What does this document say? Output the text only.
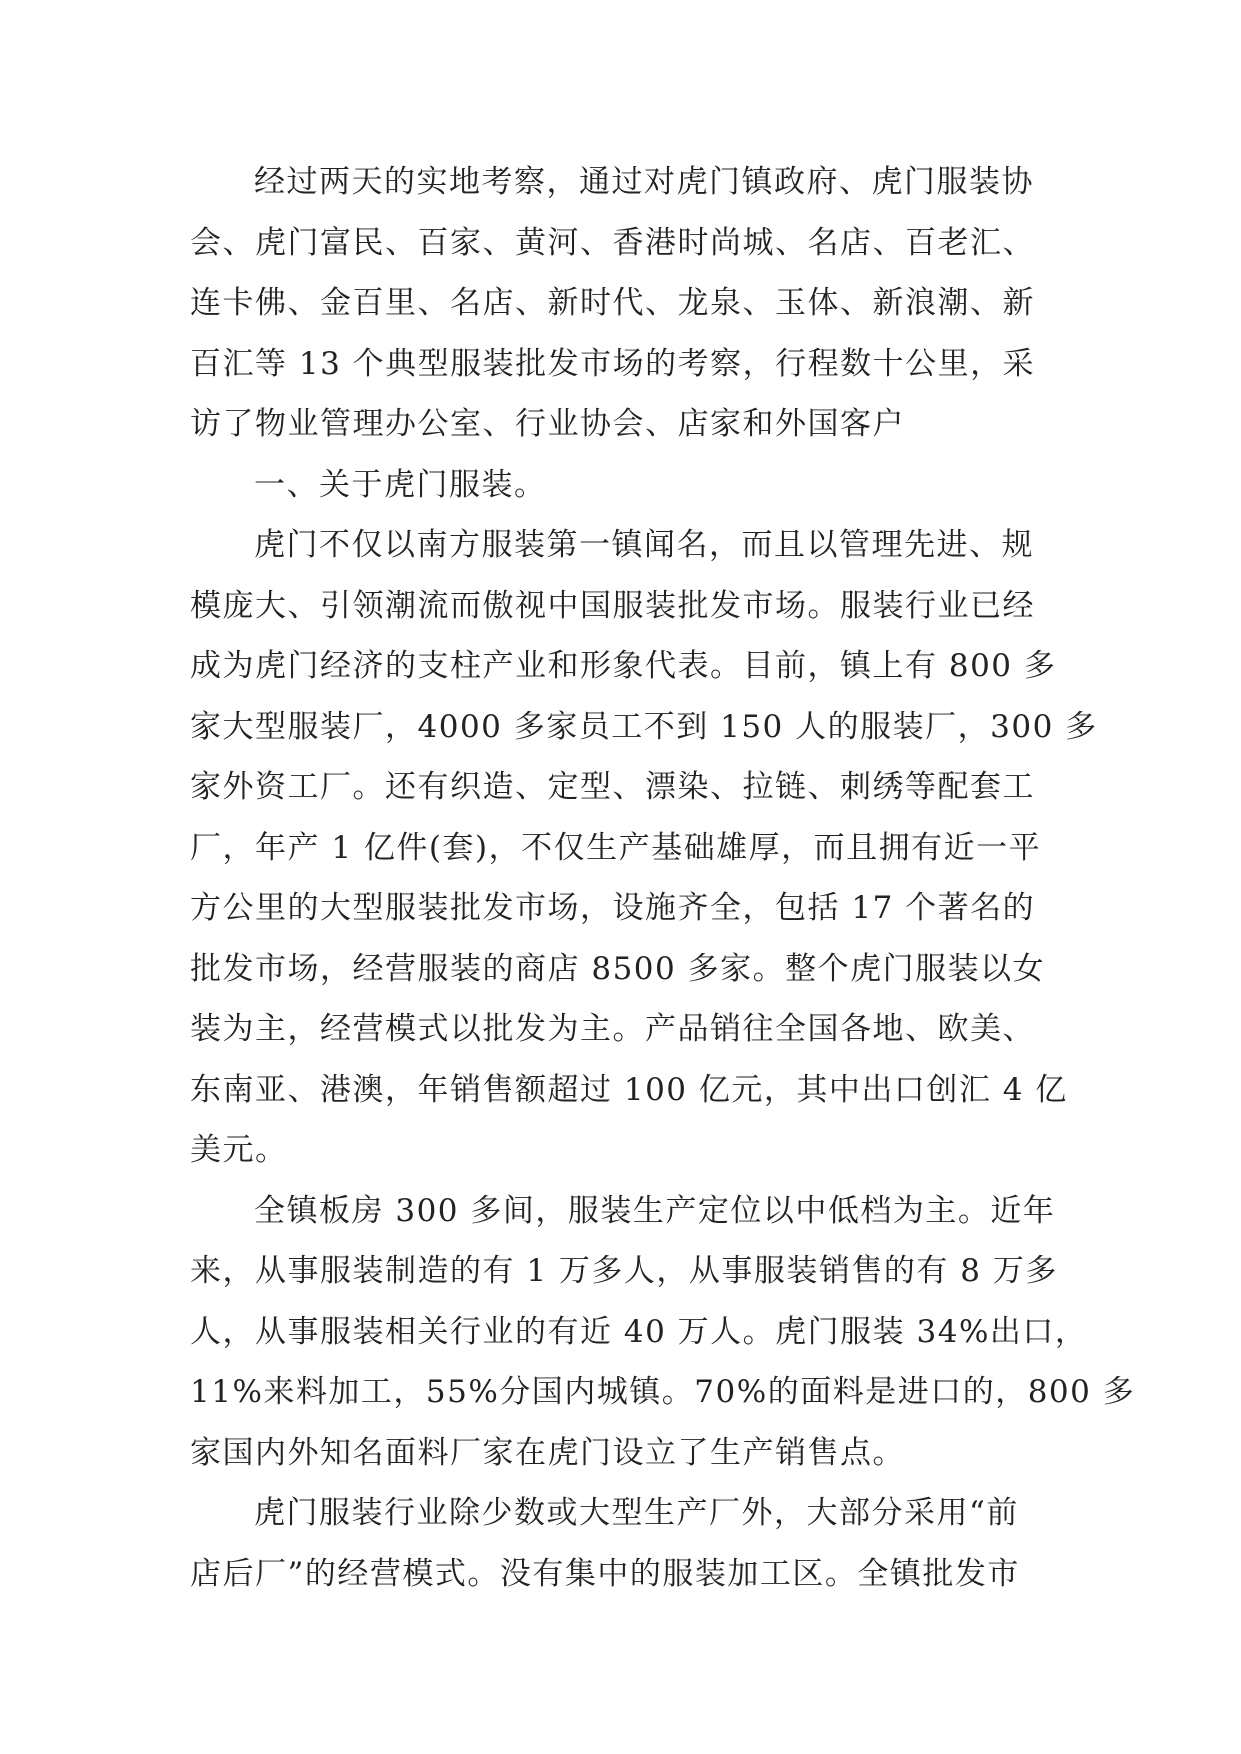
经过两天的实地考察，通过对虎门镇政府、虎门服装协
会、虎门富民、百家、黄河、香港时尚城、名店、百老汇、
连卡佛、金百里、名店、新时代、龙泉、玉体、新浪潮、新
百汇等 13 个典型服装批发市场的考察，行程数十公里，采
访了物业管理办公室、行业协会、店家和外国客户
一、关于虎门服装。
虎门不仅以南方服装第一镇闻名，而且以管理先进、规
模庞大、引领潮流而傲视中国服装批发市场。服装行业已经
成为虎门经济的支柱产业和形象代表。目前，镇上有 800 多
家大型服装厂，4000 多家员工不到 150 人的服装厂，300 多
家外资工厂。还有织造、定型、漂染、拉链、刺绣等配套工
厂，年产 1 亿件(套)，不仅生产基础雄厚，而且拥有近一平
方公里的大型服装批发市场，设施齐全，包括 17 个著名的
批发市场，经营服装的商店 8500 多家。整个虎门服装以女
装为主，经营模式以批发为主。产品销往全国各地、欧美、
东南亚、港澳，年销售额超过 100 亿元，其中出口创汇 4 亿
美元。
全镇板房 300 多间，服装生产定位以中低档为主。近年
来，从事服装制造的有 1 万多人，从事服装销售的有 8 万多
人，从事服装相关行业的有近 40 万人。虎门服装 34%出口，
11%来料加工，55%分国内城镇。70%的面料是进口的，800 多
家国内外知名面料厂家在虎门设立了生产销售点。
虎门服装行业除少数或大型生产厂外，大部分采用“前
店后厂”的经营模式。没有集中的服装加工区。全镇批发市
